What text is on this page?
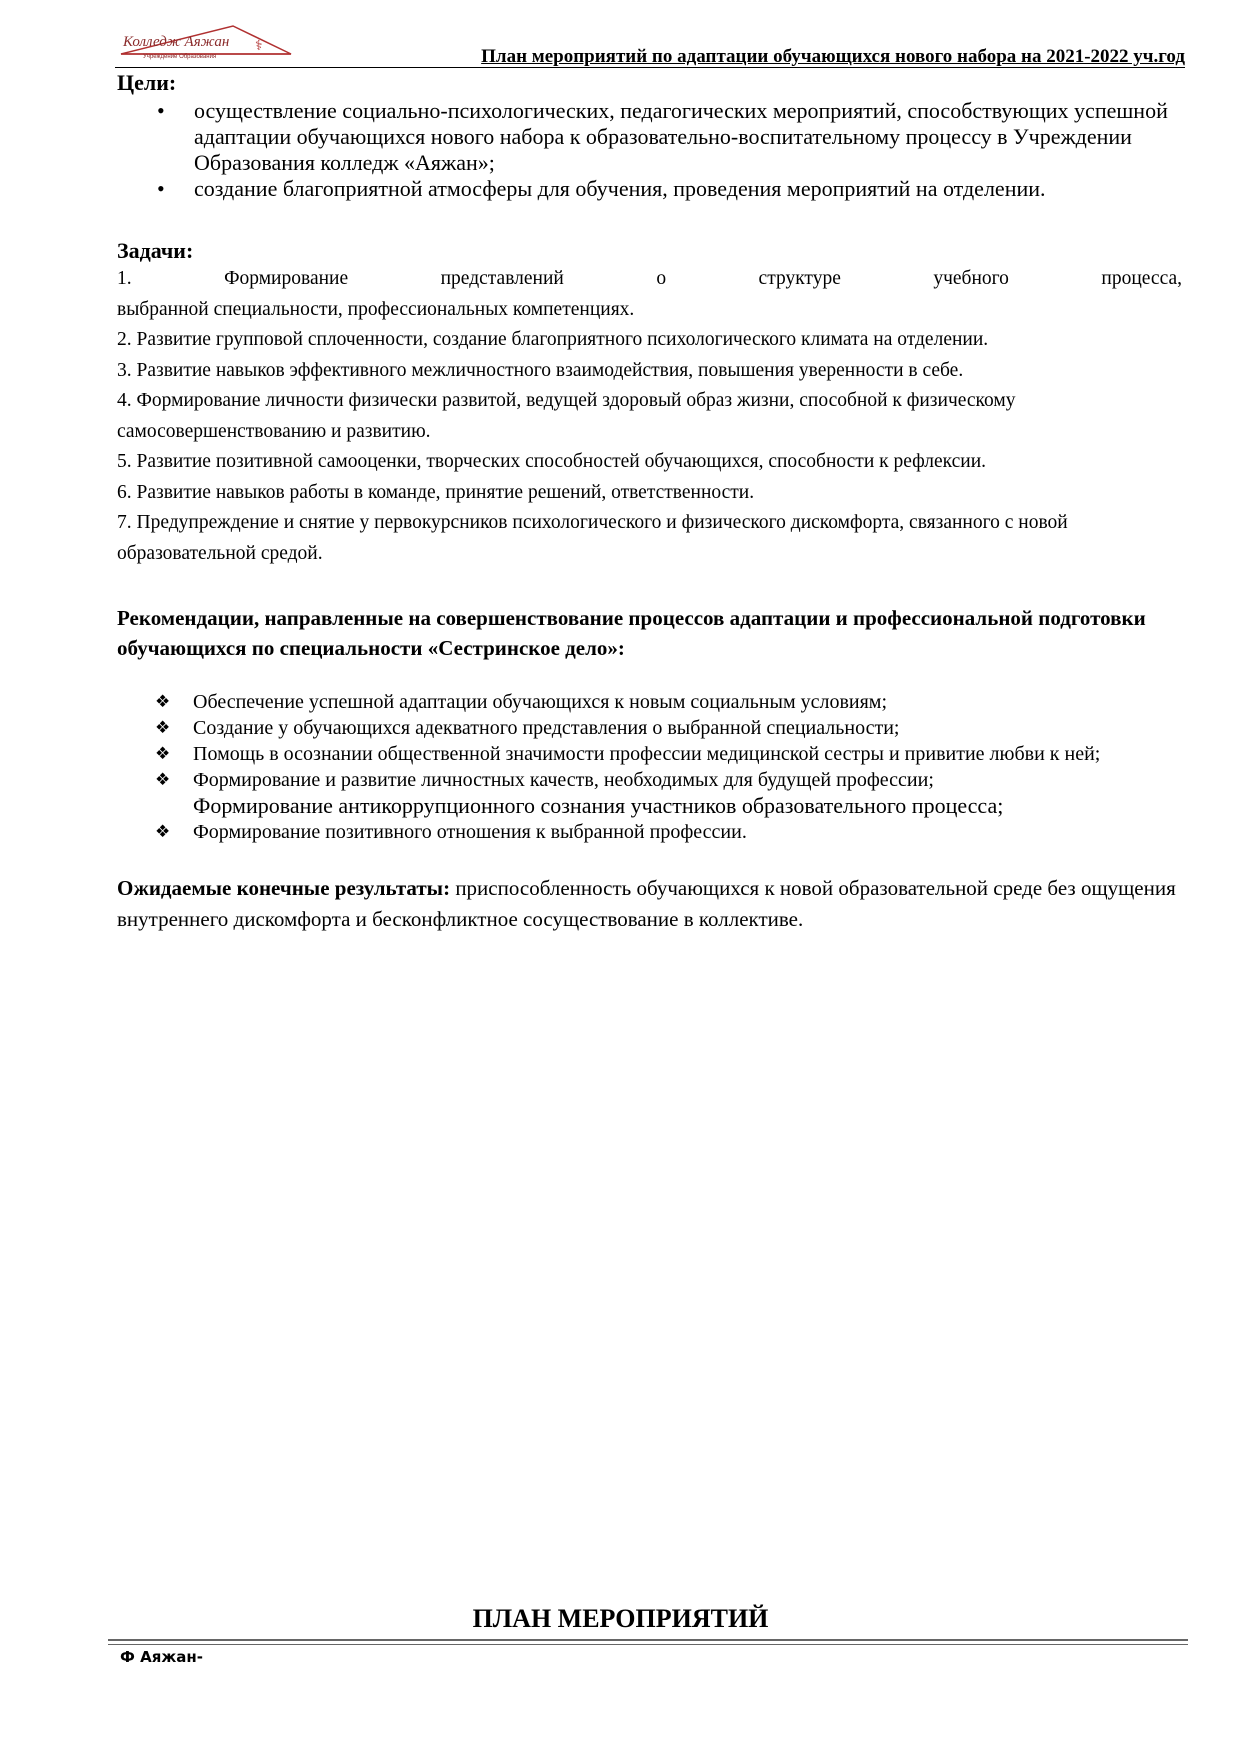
Колледж Аяжан
Учреждение Образования
⚕	План мероприятий по адаптации обучающихся нового набора на 2021-2022 уч.год

Цели:

• осуществление социально-психологических, педагогических мероприятий, способствующих успешной адаптации обучающихся нового набора к образовательно-воспитательному процессу в Учреждении Образования колледж «Аяжан»;
• создание благоприятной атмосферы для обучения, проведения мероприятий на отделении.

Задачи:

1. Формирование представлений о структуре учебного процесса,

выбранной специальности, профессиональных компетенциях.

2. Развитие групповой сплоченности, создание благоприятного психологического климата на отделении.

3. Развитие навыков эффективного межличностного взаимодействия, повышения уверенности в себе.

4. Формирование личности физически развитой, ведущей здоровый образ жизни, способной к физическому самосовершенствованию и развитию.

5. Развитие позитивной самооценки, творческих способностей обучающихся, способности к рефлексии.

6. Развитие навыков работы в команде, принятие решений, ответственности.

7. Предупреждение и снятие у первокурсников психологического и физического дискомфорта, связанного с новой образовательной средой.

Рекомендации, направленные на совершенствование процессов адаптации и профессиональной подготовки обучающихся по специальности «Сестринское дело»:

❖ Обеспечение успешной адаптации обучающихся к новым социальным условиям;
❖ Создание у обучающихся адекватного представления о выбранной специальности;
❖ Помощь в осознании общественной значимости профессии медицинской сестры и привитие любви к ней;
❖ Формирование и развитие личностных качеств, необходимых для будущей профессии;
Формирование антикоррупционного сознания участников образовательного процесса;
❖ Формирование позитивного отношения к выбранной профессии.

Ожидаемые конечные результаты: приспособленность обучающихся к новой образовательной среде без ощущения внутреннего дискомфорта и бесконфликтное сосуществование в коллективе.

ПЛАН МЕРОПРИЯТИЙ
Ф Аяжан-
